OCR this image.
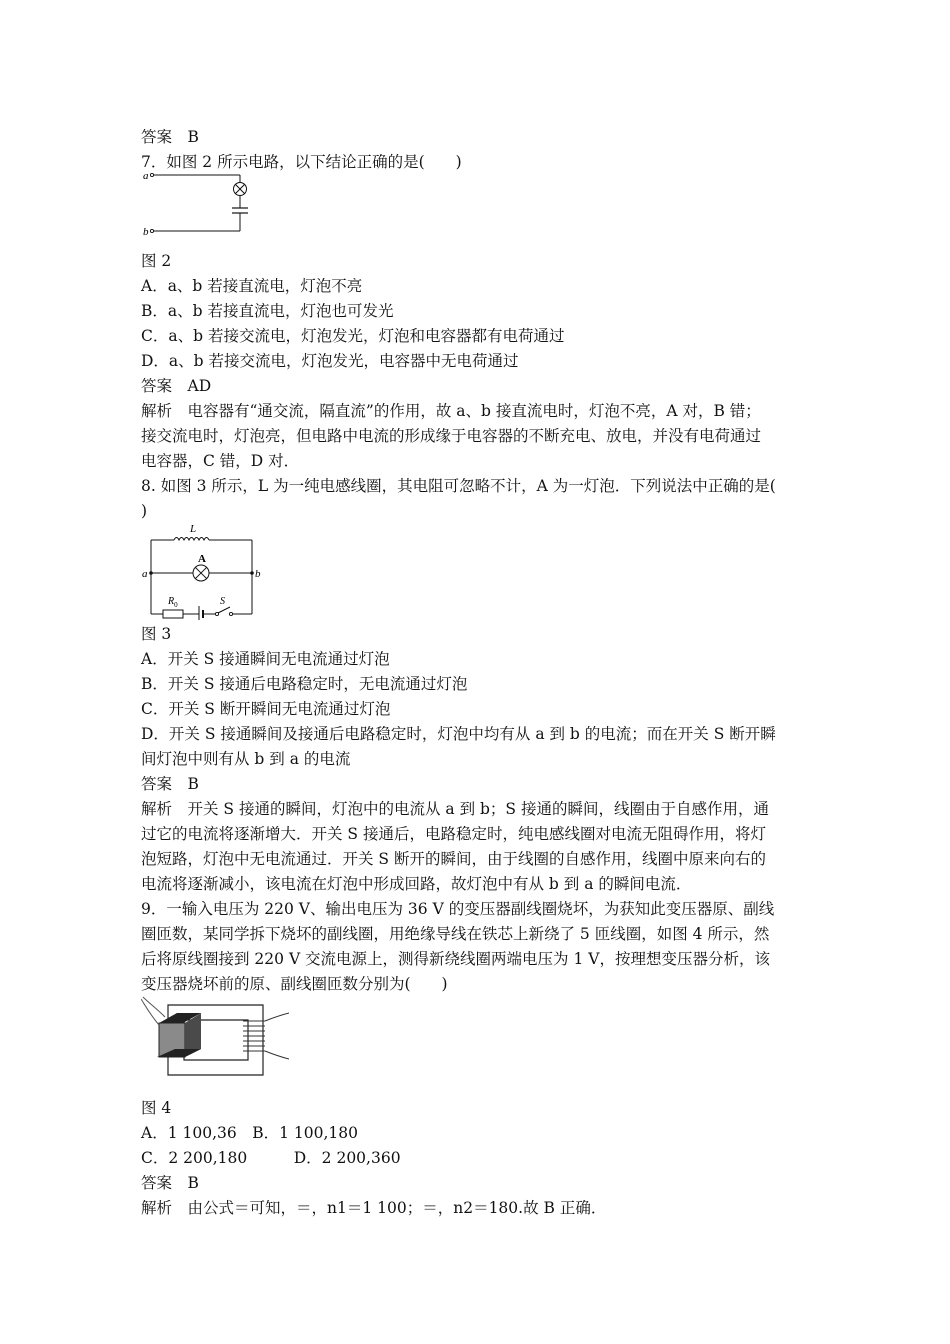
答案　B
7．如图 2 所示电路，以下结论正确的是(　　)
a
b
图 2
A．a、b 若接直流电，灯泡不亮
B．a、b 若接直流电，灯泡也可发光
C．a、b 若接交流电，灯泡发光，灯泡和电容器都有电荷通过
D．a、b 若接交流电，灯泡发光，电容器中无电荷通过
答案　AD
解析　电容器有“通交流，隔直流”的作用，故 a、b 接直流电时，灯泡不亮，A 对，B 错；
接交流电时，灯泡亮，但电路中电流的形成缘于电容器的不断充电、放电，并没有电荷通过
电容器，C 错，D 对．
8. 如图 3 所示，L 为一纯电感线圈，其电阻可忽略不计，A 为一灯泡．下列说法中正确的是(
)
L
a
A
b
$R_0$	S
图 3
A．开关 S 接通瞬间无电流通过灯泡
B．开关 S 接通后电路稳定时，无电流通过灯泡
C．开关 S 断开瞬间无电流通过灯泡
D．开关 S 接通瞬间及接通后电路稳定时，灯泡中均有从 a 到 b 的电流；而在开关 S 断开瞬
间灯泡中则有从 b 到 a 的电流
答案　B
解析　开关 S 接通的瞬间，灯泡中的电流从 a 到 b；S 接通的瞬间，线圈由于自感作用，通
过它的电流将逐渐增大．开关 S 接通后，电路稳定时，纯电感线圈对电流无阻碍作用，将灯
泡短路，灯泡中无电流通过．开关 S 断开的瞬间，由于线圈的自感作用，线圈中原来向右的
电流将逐渐减小，该电流在灯泡中形成回路，故灯泡中有从 b 到 a 的瞬间电流．
9．一输入电压为 220 V、输出电压为 36 V 的变压器副线圈烧坏，为获知此变压器原、副线
圈匝数，某同学拆下烧坏的副线圈，用绝缘导线在铁芯上新绕了 5 匝线圈，如图 4 所示，然
后将原线圈接到 220 V 交流电源上，测得新绕线圈两端电压为 1 V，按理想变压器分析，该
变压器烧坏前的原、副线圈匝数分别为(　　)
图 4
A．1 100,36　B．1 100,180
C．2 200,180　　　D．2 200,360
答案　B
解析　由公式＝可知，＝，n1＝1 100；＝，n2＝180.故 B 正确．
